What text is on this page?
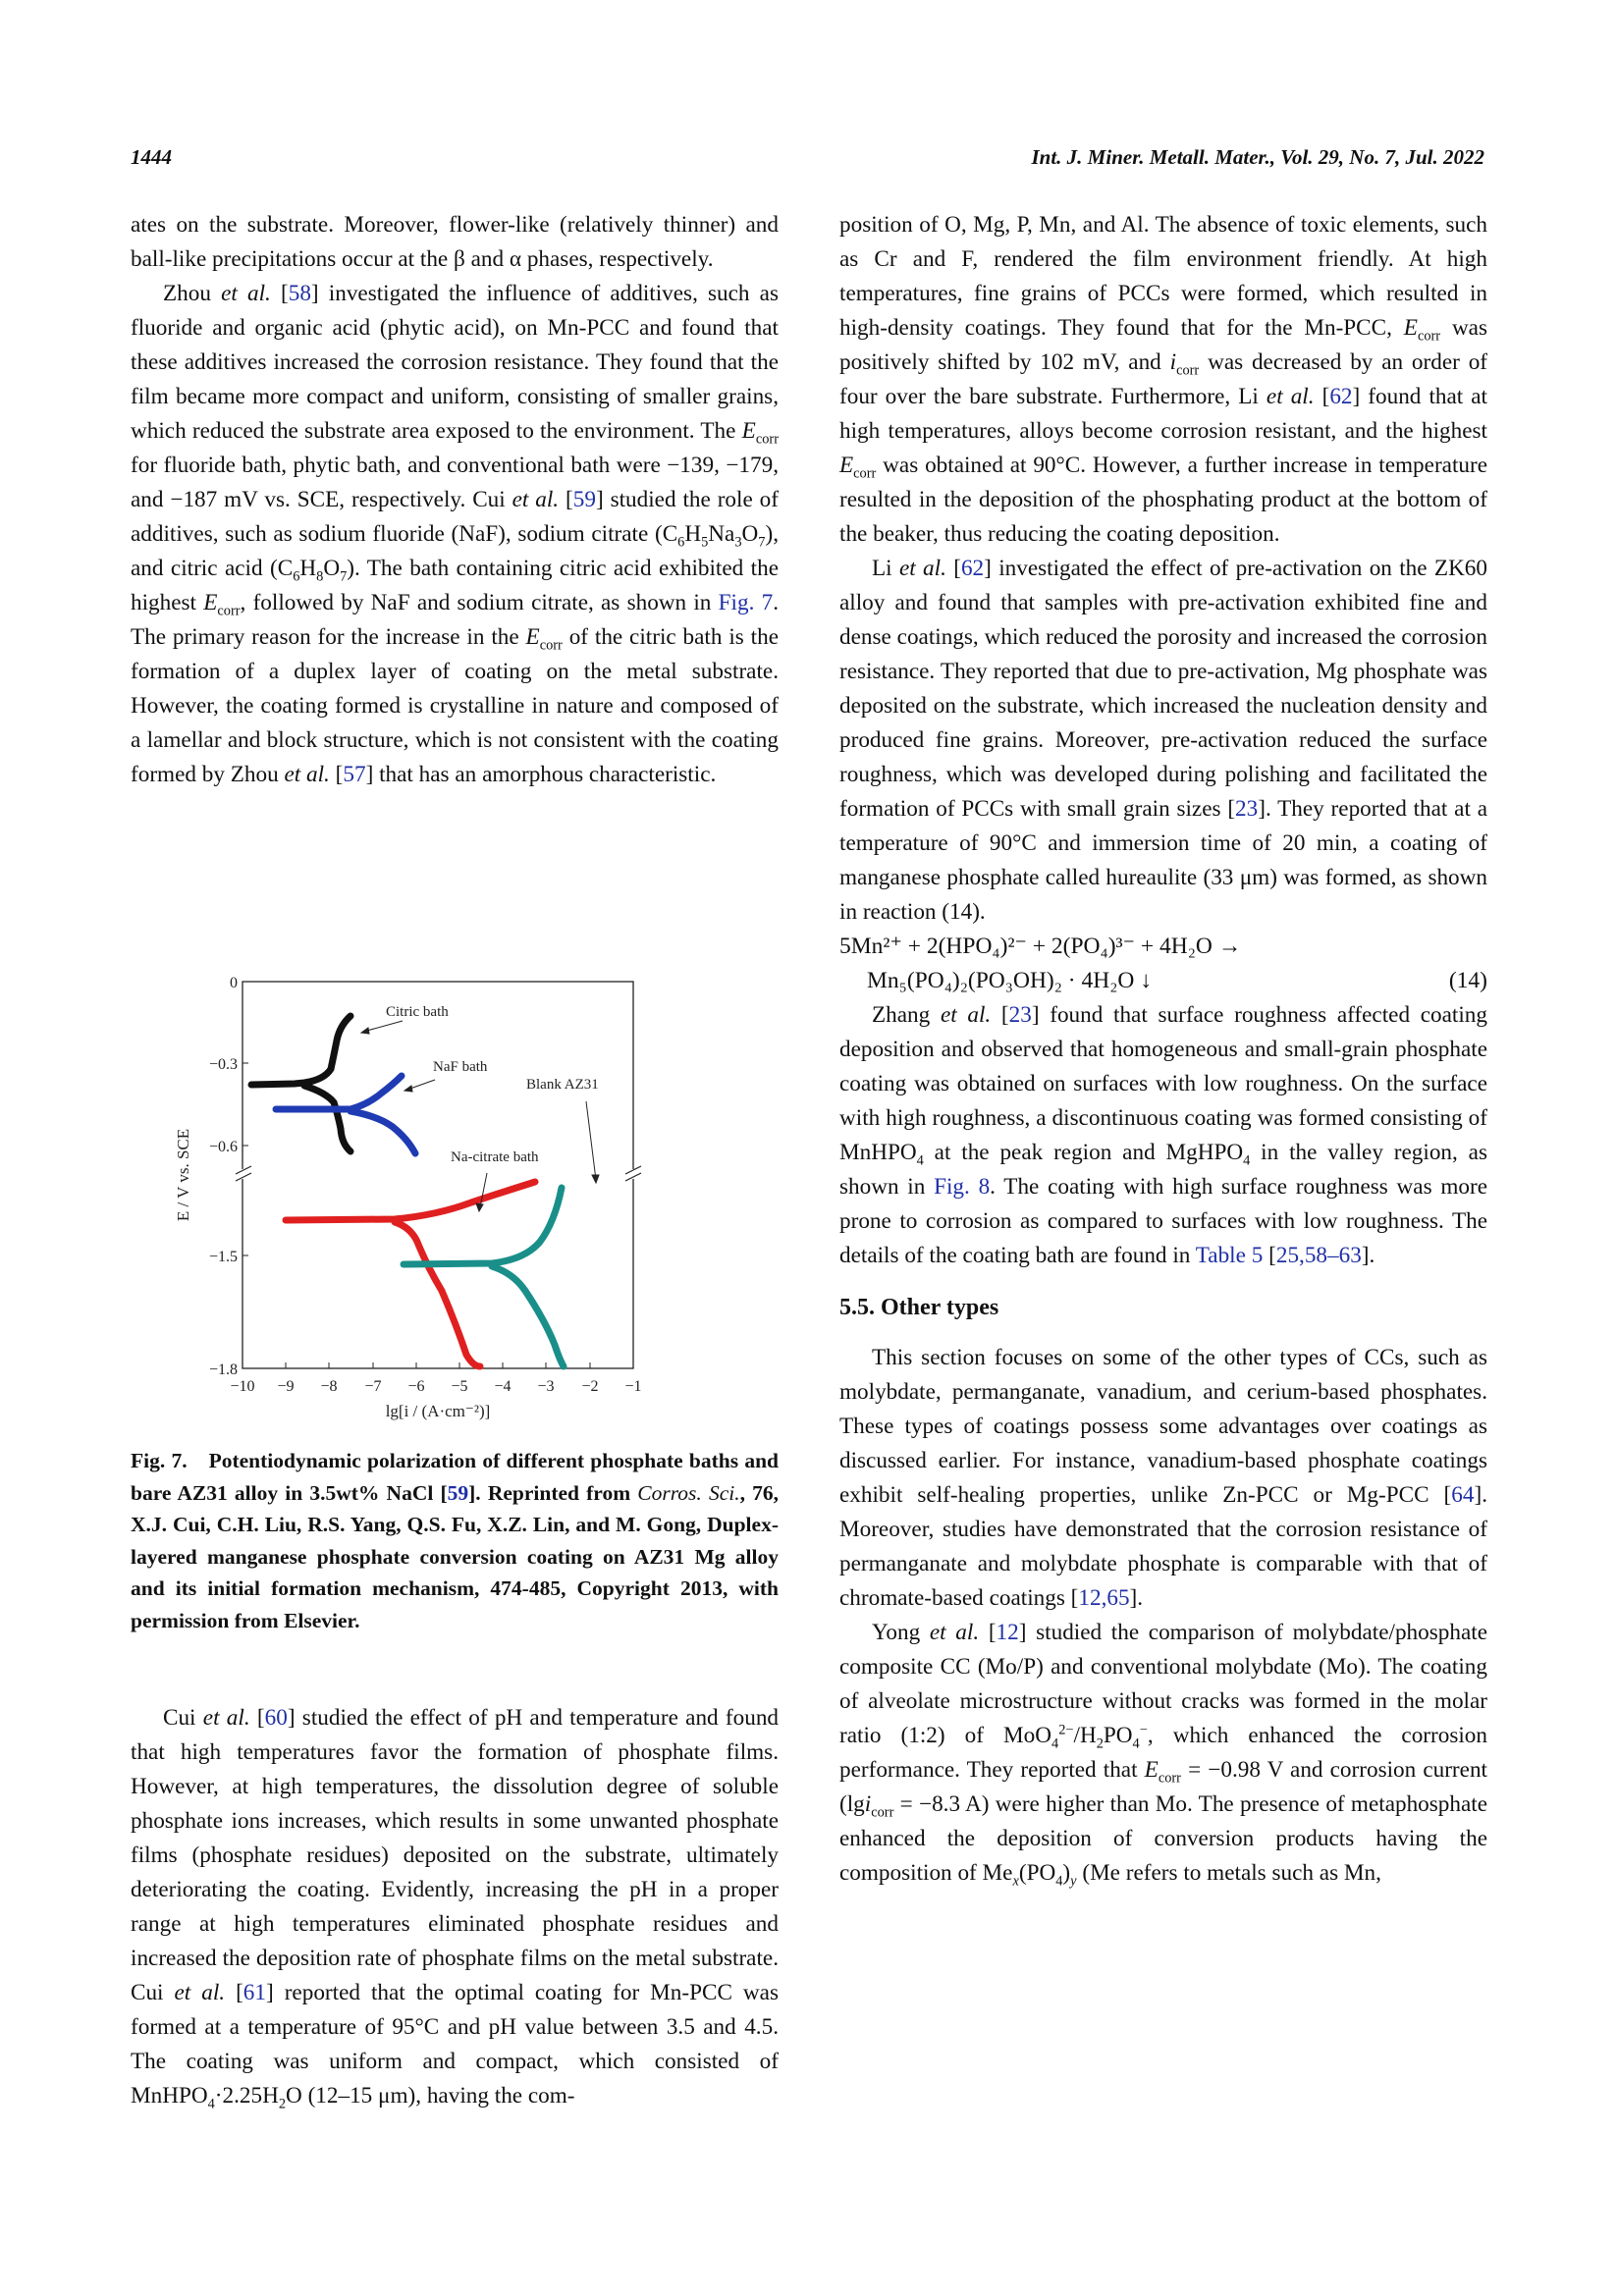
1444	Int. J. Miner. Metall. Mater., Vol. 29, No. 7, Jul. 2022

ates on the substrate. Moreover, flower-like (relatively thinner) and ball-like precipitations occur at the β and α phases, respectively.

Zhou et al. [58] investigated the influence of additives, such as fluoride and organic acid (phytic acid), on Mn-PCC and found that these additives increased the corrosion resistance. They found that the film became more compact and uniform, consisting of smaller grains, which reduced the substrate area exposed to the environment. The $E_{corr}$ for fluoride bath, phytic bath, and conventional bath were −139, −179, and −187 mV vs. SCE, respectively. Cui et al. [59] studied the role of additives, such as sodium fluoride (NaF), sodium citrate $(C_6H_5Na_3O_7)$, and citric acid $(C_6H_8O_7)$. The bath containing citric acid exhibited the highest $E_{corr}$, followed by NaF and sodium citrate, as shown in Fig. 7. The primary reason for the increase in the $E_{corr}$ of the citric bath is the formation of a duplex layer of coating on the metal substrate. However, the coating formed is crystalline in nature and composed of a lamellar and block structure, which is not consistent with the coating formed by Zhou et al. [57] that has an amorphous characteristic.

−10 −9 −8 −7 −6 −5 −4 −3 −2 −1
0
−0.3
−0.6
−1.5
−1.8
lg[i / (A·cm⁻²)]
E / V vs. SCE
Citric bath
NaF bath
Blank AZ31
Na-citrate bath
Fig. 7. Potentiodynamic polarization of different phosphate baths and bare AZ31 alloy in 3.5wt% NaCl [59]. Reprinted from Corros. Sci., 76, X.J. Cui, C.H. Liu, R.S. Yang, Q.S. Fu, X.Z. Lin, and M. Gong, Duplex-layered manganese phosphate conversion coating on AZ31 Mg alloy and its initial formation mechanism, 474-485, Copyright 2013, with permission from Elsevier.

Cui et al. [60] studied the effect of pH and temperature and found that high temperatures favor the formation of phosphate films. However, at high temperatures, the dissolution degree of soluble phosphate ions increases, which results in some unwanted phosphate films (phosphate residues) deposited on the substrate, ultimately deteriorating the coating. Evidently, increasing the pH in a proper range at high temperatures eliminated phosphate residues and increased the deposition rate of phosphate films on the metal substrate. Cui et al. [61] reported that the optimal coating for Mn-PCC was formed at a temperature of 95°C and pH value between 3.5 and 4.5. The coating was uniform and compact, which consisted of $MnHPO_4\cdot 2.25H_2O$ (12–15 μm), having the com-

position of O, Mg, P, Mn, and Al. The absence of toxic elements, such as Cr and F, rendered the film environment friendly. At high temperatures, fine grains of PCCs were formed, which resulted in high-density coatings. They found that for the Mn-PCC, $E_{corr}$ was positively shifted by 102 mV, and $i_{corr}$ was decreased by an order of four over the bare substrate. Furthermore, Li et al. [62] found that at high temperatures, alloys become corrosion resistant, and the highest $E_{corr}$ was obtained at 90°C. However, a further increase in temperature resulted in the deposition of the phosphating product at the bottom of the beaker, thus reducing the coating deposition.

Li et al. [62] investigated the effect of pre-activation on the ZK60 alloy and found that samples with pre-activation exhibited fine and dense coatings, which reduced the porosity and increased the corrosion resistance. They reported that due to pre-activation, Mg phosphate was deposited on the substrate, which increased the nucleation density and produced fine grains. Moreover, pre-activation reduced the surface roughness, which was developed during polishing and facilitated the formation of PCCs with small grain sizes [23]. They reported that at a temperature of 90°C and immersion time of 20 min, a coating of manganese phosphate called hureaulite (33 μm) was formed, as shown in reaction (14).

5Mn²⁺ + 2(HPO₄)²⁻ + 2(PO₄)³⁻ + 4H₂O →
Mn₅(PO₄)₂(PO₃OH)₂ · 4H₂O ↓	(14)

Zhang et al. [23] found that surface roughness affected coating deposition and observed that homogeneous and small-grain phosphate coating was obtained on surfaces with low roughness. On the surface with high roughness, a discontinuous coating was formed consisting of MnHPO$_4$ at the peak region and MgHPO$_4$ in the valley region, as shown in Fig. 8. The coating with high surface roughness was more prone to corrosion as compared to surfaces with low roughness. The details of the coating bath are found in Table 5 [25,58–63].

5.5. Other types

This section focuses on some of the other types of CCs, such as molybdate, permanganate, vanadium, and cerium-based phosphates. These types of coatings possess some advantages over coatings as discussed earlier. For instance, vanadium-based phosphate coatings exhibit self-healing properties, unlike Zn-PCC or Mg-PCC [64]. Moreover, studies have demonstrated that the corrosion resistance of permanganate and molybdate phosphate is comparable with that of chromate-based coatings [12,65].

Yong et al. [12] studied the comparison of molybdate/phosphate composite CC (Mo/P) and conventional molybdate (Mo). The coating of alveolate microstructure without cracks was formed in the molar ratio (1:2) of $MoO_4^{2-}/H_2PO_4^-$, which enhanced the corrosion performance. They reported that $E_{corr} = -0.98$ V and corrosion current (lgi$_{corr}$ = −8.3 A) were higher than Mo. The presence of metaphosphate enhanced the deposition of conversion products having the composition of $Me_x(PO_4)_y$ (Me refers to metals such as Mn,
